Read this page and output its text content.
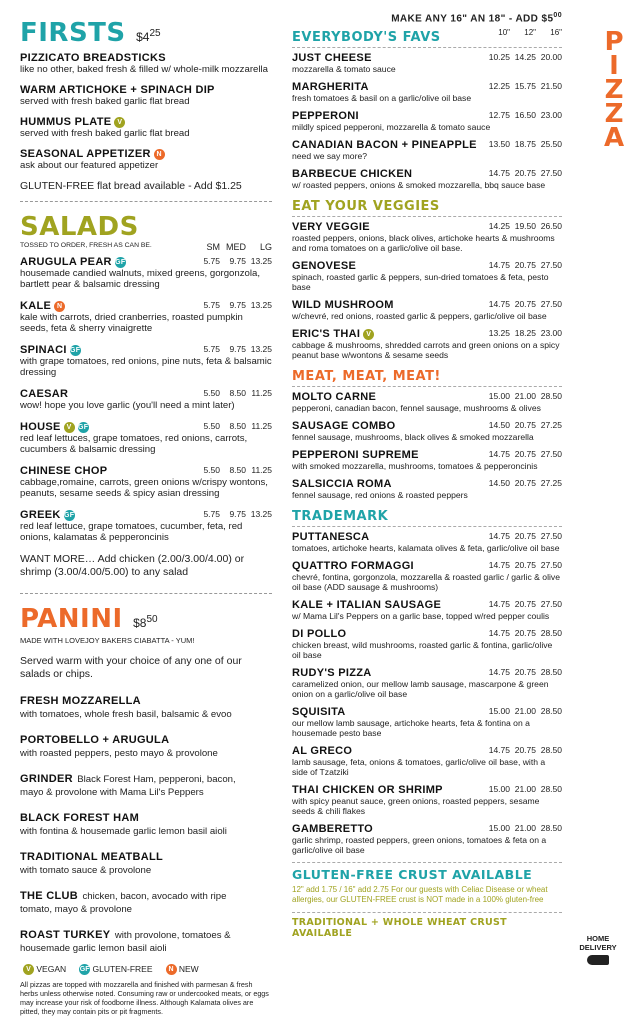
FIRSTS $\$4^{25}$
PIZZICATO BREADSTICKS
like no other, baked fresh & filled w/ whole-milk mozzarella
WARM ARTICHOKE + SPINACH DIP
served with fresh baked garlic flat bread
HUMMUS PLATE V
served with fresh baked garlic flat bread
SEASONAL APPETIZER N
ask about our featured appetizer
GLUTEN-FREE flat bread available - Add $1.25
SALADS
TOSSED TO ORDER, FRESH AS CAN BE.	SM MED	LG
ARUGULA PEAR GF	5.75	9.75 13.25
housemade candied walnuts, mixed greens, gorgonzola, bartlett pear & balsamic dressing
KALE N	5.75	9.75 13.25
kale with carrots, dried cranberries, roasted pumpkin seeds, feta & sherry vinaigrette
SPINACI GF	5.75	9.75 13.25
with grape tomatoes, red onions, pine nuts, feta & balsamic dressing
CAESAR	5.50	8.50 11.25
wow! hope you love garlic (you'll need a mint later)
HOUSE V GF	5.50	8.50 11.25
red leaf lettuces, grape tomatoes, red onions, carrots, cucumbers & balsamic dressing
CHINESE CHOP	5.50	8.50 11.25
cabbage,romaine, carrots, green onions w/crispy wontons, peanuts, sesame seeds & spicy asian dressing
GREEK GF	5.75	9.75 13.25
red leaf lettuce, grape tomatoes, cucumber, feta, red onions, kalamatas & pepperoncinis
WANT MORE… Add chicken (2.00/3.00/4.00) or shrimp (3.00/4.00/5.00) to any salad
PANINI $\$8^{50}$
MADE WITH LOVEJOY BAKERS CIABATTA - YUM!
Served warm with your choice of any one of our salads or chips.
FRESH MOZZARELLA
with tomatoes, whole fresh basil, balsamic & evoo
PORTOBELLO + ARUGULA
with roasted peppers, pesto mayo & provolone
GRINDER Black Forest Ham, pepperoni, bacon,
mayo & provolone with Mama Lil's Peppers
BLACK FOREST HAM
with fontina & housemade garlic lemon basil aioli
TRADITIONAL MEATBALL
with tomato sauce & provolone
THE CLUB chicken, bacon, avocado with ripe
tomato, mayo & provolone
ROAST TURKEY with provolone, tomatoes &
housemade garlic lemon basil aioli
V VEGAN	GF GLUTEN-FREE	N NEW
All pizzas are topped with mozzarella and finished with parmesan & fresh herbs unless otherwise noted. Consuming raw or undercooked meats, or eggs may increase your risk of foodborne illness. Although Kalamata olives are pitted, they may contain pits or pit fragments.
MAKE ANY 16" AN 18" - ADD $\$5^{00}$
EVERYBODY'S FAVS	10"	12"	16"
JUST CHEESE	10.25 14.25 20.00
mozzarella & tomato sauce
MARGHERITA	12.25 15.75 21.50
fresh tomatoes & basil on a garlic/olive oil base
PEPPERONI	12.75 16.50 23.00
mildly spiced pepperoni, mozzarella & tomato sauce
CANADIAN BACON + PINEAPPLE	13.50 18.75 25.50
need we say more?
BARBECUE CHICKEN	14.75 20.75 27.50
w/ roasted peppers, onions & smoked mozzarella, bbq sauce base
EAT YOUR VEGGIES
VERY VEGGIE	14.25 19.50 26.50
roasted peppers, onions, black olives, artichoke hearts & mushrooms and roma tomatoes on a garlic/olive oil base.
GENOVESE	14.75 20.75 27.50
spinach, roasted garlic & peppers, sun-dried tomatoes & feta, pesto base
WILD MUSHROOM	14.75 20.75 27.50
w/chevré, red onions, roasted garlic & peppers, garlic/olive oil base
ERIC'S THAI V	13.25 18.25 23.00
cabbage & mushrooms, shredded carrots and green onions on a spicy peanut base w/wontons & sesame seeds
MEAT, MEAT, MEAT!
MOLTO CARNE	15.00 21.00 28.50
pepperoni, canadian bacon, fennel sausage, mushrooms & olives
SAUSAGE COMBO	14.50 20.75 27.25
fennel sausage, mushrooms, black olives & smoked mozzarella
PEPPERONI SUPREME	14.75 20.75 27.50
with smoked mozzarella, mushrooms, tomatoes & pepperoncinis
SALSICCIA ROMA	14.50 20.75 27.25
fennel sausage, red onions & roasted peppers
TRADEMARK
PUTTANESCA	14.75 20.75 27.50
tomatoes, artichoke hearts, kalamata olives & feta, garlic/olive oil base
QUATTRO FORMAGGI	14.75 20.75 27.50
chevré, fontina, gorgonzola, mozzarella & roasted garlic / garlic & olive oil base (ADD sausage & mushrooms)
KALE + ITALIAN SAUSAGE	14.75 20.75 27.50
w/ Mama Lil's Peppers on a garlic base, topped w/red pepper coulis
DI POLLO	14.75 20.75 28.50
chicken breast, wild mushrooms, roasted garlic & fontina, garlic/olive oil base
RUDY'S PIZZA	14.75 20.75 28.50
caramelized onion, our mellow lamb sausage, mascarpone & green onion on a garlic/olive oil base
SQUISITA	15.00 21.00 28.50
our mellow lamb sausage, artichoke hearts, feta & fontina on a housemade pesto base
AL GRECO	14.75 20.75 28.50
lamb sausage, feta, onions & tomatoes, garlic/olive oil base, with a side of Tzatziki
THAI CHICKEN OR SHRIMP	15.00 21.00 28.50
with spicy peanut sauce, green onions, roasted peppers, sesame seeds & chili flakes
GAMBERETTO	15.00 21.00 28.50
garlic shrimp, roasted peppers, green onions, tomatoes & feta on a garlic/olive oil base
GLUTEN-FREE CRUST AVAILABLE
12" add 1.75 / 16" add 2.75 For our guests with Celiac Disease or wheat allergies, our GLUTEN-FREE crust is NOT made in a 100% gluten-free
TRADITIONAL + WHOLE WHEAT CRUST AVAILABLE
P
I
Z
Z
A
HOME DELIVERY
